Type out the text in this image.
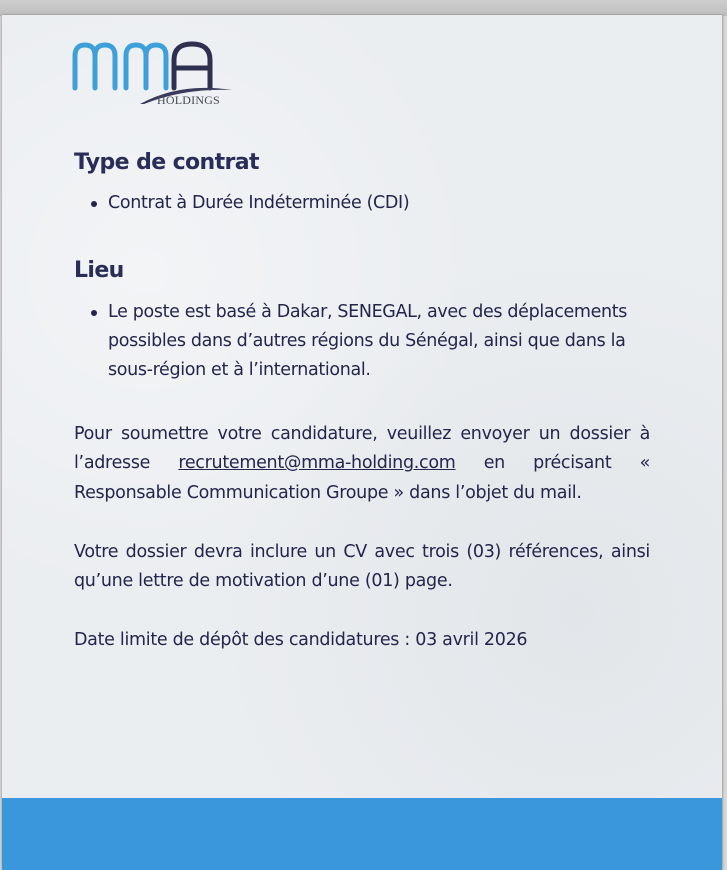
HOLDINGS
Type de contrat
Contrat à Durée Indéterminée (CDI)
Lieu
Le poste est basé à Dakar, SENEGAL, avec des déplacements possibles dans d’autres régions du Sénégal, ainsi que dans la sous-région et à l’international.

Pour soumettre votre candidature, veuillez envoyer un dossier à l’adresse recrutement@mma-holding.com en précisant « Responsable Communication Groupe » dans l’objet du mail.

Votre dossier devra inclure un CV avec trois (03) références, ainsi qu’une lettre de motivation d’une (01) page.

Date limite de dépôt des candidatures : 03 avril 2026
